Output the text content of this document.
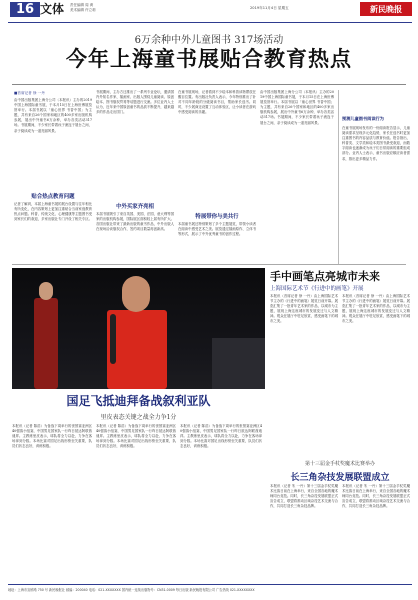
16 文体 责任编辑 周 黄
美术编辑 许立莉	2019年11月4日 星期五	新民晚报
6万余种中外儿童图书 317场活动
今年上海童书展贴合教育热点
■首席记者 徐 一丹
由中国出版集团上海分公司（本报讯）主办的2019中国上海国际童书展，于本月15日在上海世博展览馆举行。本届书展以「童心世界 书香中国」为主题，共有来自26个国家和地区的400多家出版机构参展，展出中外童书6万余种，举办各类活动317场。书展期间，不少家长带着孩子流连于展台之间，亲子阅读成为一道亮丽风景。
贴合热点教育问题
记者了解到，本届上海童书展的展台设置与往年相比有所变化，在内容策划上更加注重贴合当前家庭教育热点问题。科普、传统文化、心理健康等主题图书受到家长们的欢迎，多家出版社专门开设了相关专区。
书展期间，主办方还推出了一系列专业论坛，邀请国内外知名作家、插画家、出版人围绕儿童阅读、原创绘本、图书版权贸易等话题进行交流。多位业内人士认为，近年来中国原创童书的品质不断提升，越来越多的作品走出国门。
中外买家齐亮相
本届书展吸引了来自英国、美国、法国、意大利等国家的出版机构参展，国际展区面积较上届有所扩大。各国出版社带来了最新出版的童书作品，中外出版人在现场洽谈版权合作，签约项目数量再创新高。
在童书展现场，记者看到不少绘本和科普读物摆放在醒目位置。有出版社负责人表示，今年特别推出了针对不同年龄段的分级阅读书目，帮助家长选书。同时，不少展商还设置了互动体验区，让小读者在游戏中感受阅读的乐趣。
特展带你与美共行
本届童书展还特别策划了多个主题展览，带领小读者在阅读中感受艺术之美。展览通过插画原作、立体书等形式，展示了中外优秀童书的创作过程。
由中国出版集团上海分公司（本报讯）主办的2019中国上海国际童书展，于本月15日在上海世博展览馆举行。本届书展以「童心世界 书香中国」为主题，共有来自26个国家和地区的400多家出版机构参展，展出中外童书6万余种，举办各类活动317场。书展期间，不少家长带着孩子流连于展台之间，亲子阅读成为一道亮丽风景。
预测儿童图书阅读行为
在童书展现场发布的一份阅读报告显示，儿童阅读需求呈现多元化趋势，家长在选书时更加注重图书的内容品质与教育价值。报告指出，科普类、文学类和绘本类图书最受欢迎，而数字阅读也逐渐成为孩子们日常阅读的重要组成部分。业内人士表示，童书出版应顺应读者需求，推出更多精品力作。
国足飞抵迪拜备战叙利亚队
里皮表态关键之战全力争1分
本报讯（记者 陈浩）为备战下周举行的世预赛亚洲区40强赛小组赛，中国男足国家队一行昨日抵达阿联酋迪拜。主教练里皮表示，球队将全力以赴，力争在客场拿到分数。本场比赛对国足出线形势至关重要，队员们状态良好，训练积极。
本报讯（记者 陈浩）为备战下周举行的世预赛亚洲区40强赛小组赛，中国男足国家队一行昨日抵达阿联酋迪拜。主教练里皮表示，球队将全力以赴，力争在客场拿到分数。本场比赛对国足出线形势至关重要，队员们状态良好，训练积极。
本报讯（记者 陈浩）为备战下周举行的世预赛亚洲区40强赛小组赛，中国男足国家队一行昨日抵达阿联酋迪拜。主教练里皮表示，球队将全力以赴，力争在客场拿到分数。本场比赛对国足出线形势至关重要，队员们状态良好，训练积极。
手中画笔点亮城市未来
上海国际艺术节《行进中的画笔》开展
本报讯（首席记者 徐 一丹）由上海国际艺术节主办的《行进中的画笔》展览日前开幕。展览汇集了一批青年艺术家的作品，以城市为主题，展现上海这座城市的发展变迁与人文精神。观众在展厅中驻足欣赏，感受画笔下的城市之美。
本报讯（首席记者 徐 一丹）由上海国际艺术节主办的《行进中的画笔》展览日前开幕。展览汇集了一批青年艺术家的作品，以城市为主题，展现上海这座城市的发展变迁与人文精神。观众在展厅中驻足欣赏，感受画笔下的城市之美。
第十三届金手杖奖魔术比赛举办
长三角杂技发展联盟成立
本报讯（记者 朱 一丹）第十三届金手杖奖魔术比赛日前在上海举行，来自全国各地的魔术师同台竞技。同时，长三角杂技发展联盟正式宣告成立，联盟将推动区域杂技艺术交流与合作，共同打造长三角杂技品牌。
本报讯（记者 朱 一丹）第十三届金手杖奖魔术比赛日前在上海举行，来自全国各地的魔术师同台竞技。同时，长三角杂技发展联盟正式宣告成立，联盟将推动区域杂技艺术交流与合作，共同打造长三角杂技品牌。
地址：上海市宣桥路 750 号 新民晚报社 邮编：200040 电话：021-XXXXXXX 国内统一连续出版物号：CN31-0009 每日出版 新民晚报有限公司 广告热线 021-XXXXXXXX
